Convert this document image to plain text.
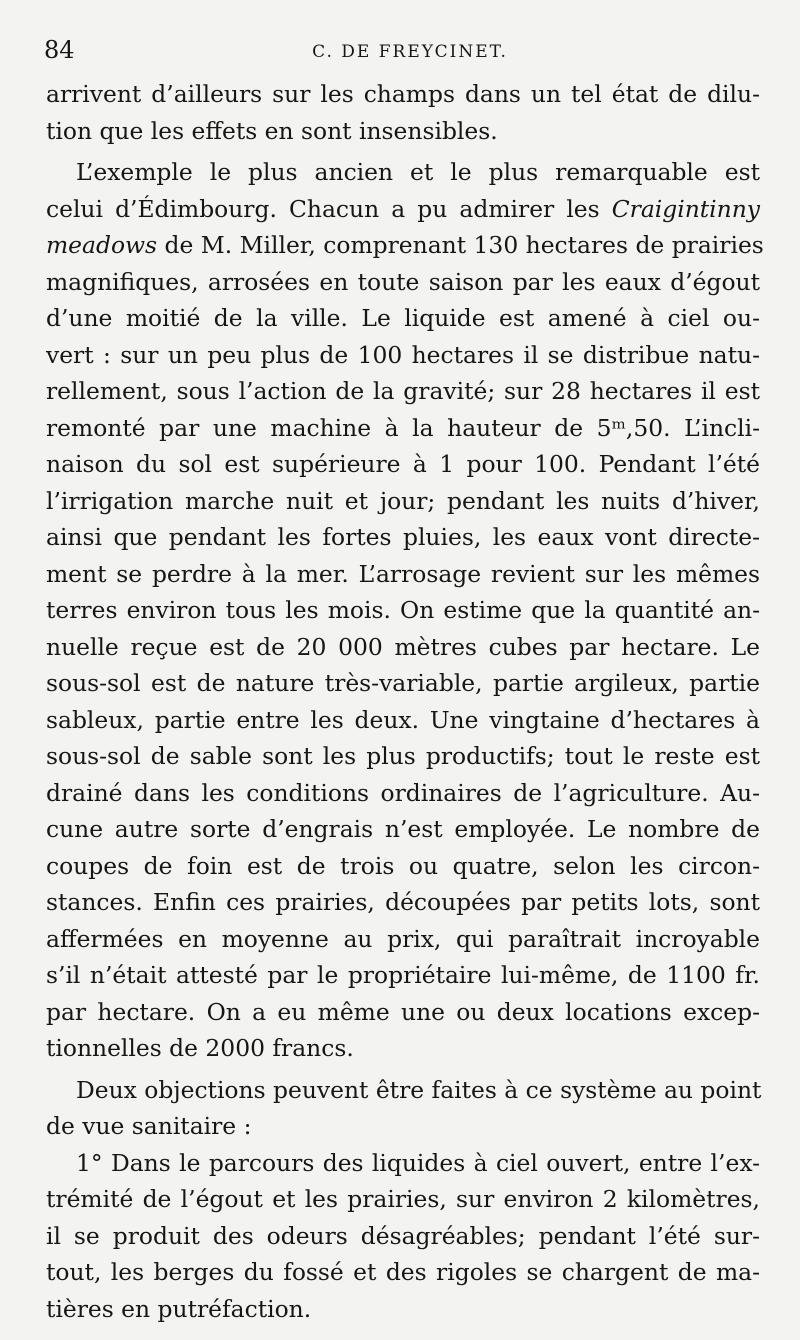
84	C. DE FREYCINET.
arrivent d’ailleurs sur les champs dans un tel état de dilu-
tion que les effets en sont insensibles.
L’exemple le plus ancien et le plus remarquable est
celui d’Édimbourg. Chacun a pu admirer les Craigintinny
meadows de M. Miller, comprenant 130 hectares de prairies
magnifiques, arrosées en toute saison par les eaux d’égout
d’une moitié de la ville. Le liquide est amené à ciel ou-
vert : sur un peu plus de 100 hectares il se distribue natu-
rellement, sous l’action de la gravité; sur 28 hectares il est
remonté par une machine à la hauteur de 5ᵐ,50. L’incli-
naison du sol est supérieure à 1 pour 100. Pendant l’été
l’irrigation marche nuit et jour; pendant les nuits d’hiver,
ainsi que pendant les fortes pluies, les eaux vont directe-
ment se perdre à la mer. L’arrosage revient sur les mêmes
terres environ tous les mois. On estime que la quantité an-
nuelle reçue est de 20 000 mètres cubes par hectare. Le
sous-sol est de nature très-variable, partie argileux, partie
sableux, partie entre les deux. Une vingtaine d’hectares à
sous-sol de sable sont les plus productifs; tout le reste est
drainé dans les conditions ordinaires de l’agriculture. Au-
cune autre sorte d’engrais n’est employée. Le nombre de
coupes de foin est de trois ou quatre, selon les circon-
stances. Enfin ces prairies, découpées par petits lots, sont
affermées en moyenne au prix, qui paraîtrait incroyable
s’il n’était attesté par le propriétaire lui-même, de 1100 fr.
par hectare. On a eu même une ou deux locations excep-
tionnelles de 2000 francs.
Deux objections peuvent être faites à ce système au point
de vue sanitaire :
1° Dans le parcours des liquides à ciel ouvert, entre l’ex-
trémité de l’égout et les prairies, sur environ 2 kilomètres,
il se produit des odeurs désagréables; pendant l’été sur-
tout, les berges du fossé et des rigoles se chargent de ma-
tières en putréfaction.
